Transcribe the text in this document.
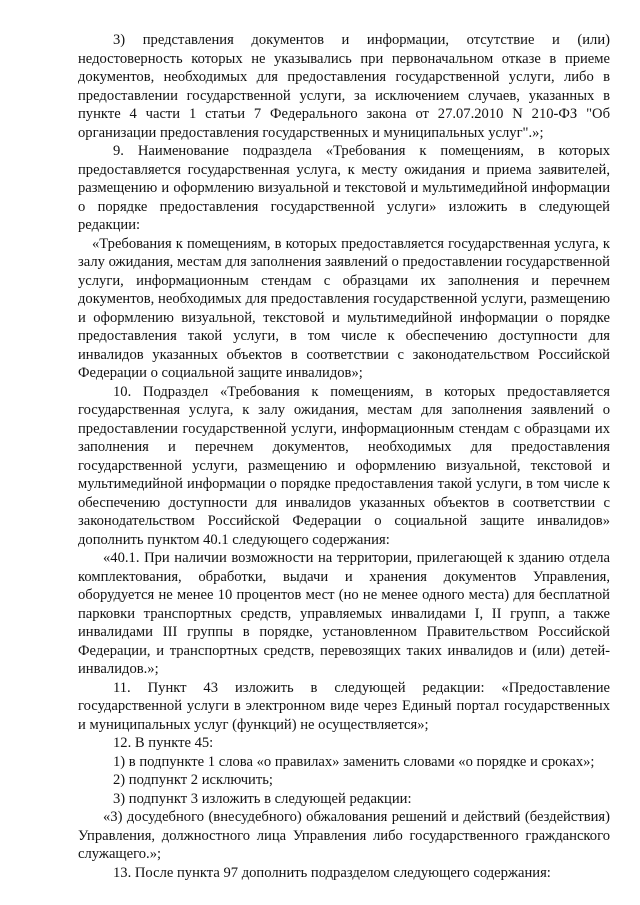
3) представления документов и информации, отсутствие и (или) недостоверность которых не указывались при первоначальном отказе в приеме документов, необходимых для предоставления государственной услуги, либо в предоставлении государственной услуги, за исключением случаев, указанных в пункте 4 части 1 статьи 7 Федерального закона от 27.07.2010 N 210-ФЗ "Об организации предоставления государственных и муниципальных услуг".»;

9. Наименование подраздела «Требования к помещениям, в которых предоставляется государственная услуга, к месту ожидания и приема заявителей, размещению и оформлению визуальной и текстовой и мультимедийной информации о порядке предоставления государственной услуги» изложить в следующей редакции:

«Требования к помещениям, в которых предоставляется государственная услуга, к залу ожидания, местам для заполнения заявлений о предоставлении государственной услуги, информационным стендам с образцами их заполнения и перечнем документов, необходимых для предоставления государственной услуги, размещению и оформлению визуальной, текстовой и мультимедийной информации о порядке предоставления такой услуги, в том числе к обеспечению доступности для инвалидов указанных объектов в соответствии с законодательством Российской Федерации о социальной защите инвалидов»;

10. Подраздел «Требования к помещениям, в которых предоставляется государственная услуга, к залу ожидания, местам для заполнения заявлений о предоставлении государственной услуги, информационным стендам с образцами их заполнения и перечнем документов, необходимых для предоставления государственной услуги, размещению и оформлению визуальной, текстовой и мультимедийной информации о порядке предоставления такой услуги, в том числе к обеспечению доступности для инвалидов указанных объектов в соответствии с законодательством Российской Федерации о социальной защите инвалидов» дополнить пунктом 40.1 следующего содержания:

«40.1. При наличии возможности на территории, прилегающей к зданию отдела комплектования, обработки, выдачи и хранения документов Управления, оборудуется не менее 10 процентов мест (но не менее одного места) для бесплатной парковки транспортных средств, управляемых инвалидами I, II групп, а также инвалидами III группы в порядке, установленном Правительством Российской Федерации, и транспортных средств, перевозящих таких инвалидов и (или) детей-инвалидов.»;

11. Пункт 43 изложить в следующей редакции: «Предоставление государственной услуги в электронном виде через Единый портал государственных и муниципальных услуг (функций) не осуществляется»;

12. В пункте 45:

1) в подпункте 1 слова «о правилах» заменить словами «о порядке и сроках»;

2) подпункт 2 исключить;

3) подпункт 3 изложить в следующей редакции:

«3) досудебного (внесудебного) обжалования решений и действий (бездействия) Управления, должностного лица Управления либо государственного гражданского служащего.»;

13. После пункта 97 дополнить подразделом следующего содержания:
